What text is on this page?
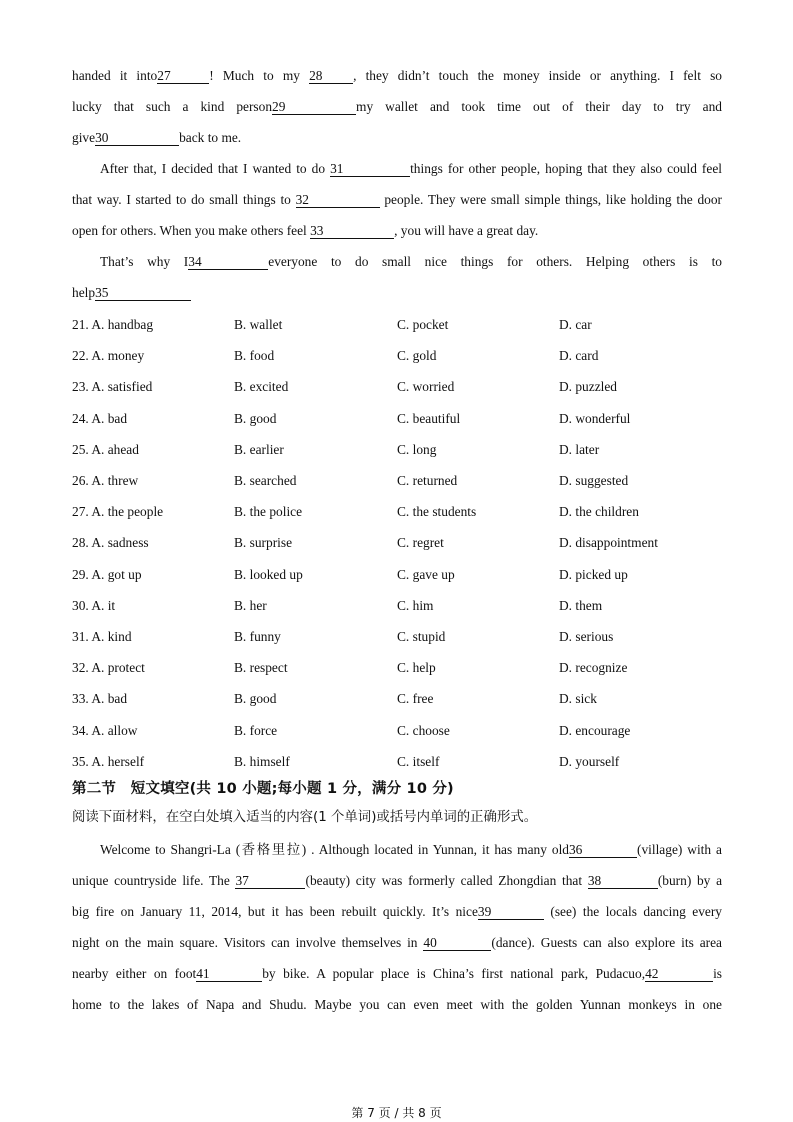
handed it into27	! Much to my 28 , they didn’t touch the money inside or anything. I felt so
lucky that such a kind person29	my wallet and took time out of their day to try and
give30	back to me.
After that, I decided that I wanted to do 31	things for other people, hoping that they also could feel
that way. I started to do small things to 32	people. They were small simple things, like holding the door
open for others. When you make others feel 33	, you will have a great day.
That’s why I34	everyone to do small nice things for others. Helping others is to
help35
21. A. handbag	B. wallet	C. pocket	D. car
22. A. money	B. food	C. gold	D. card
23. A. satisfied	B. excited	C. worried	D. puzzled
24. A. bad	B. good	C. beautiful	D. wonderful
25. A. ahead	B. earlier	C. long	D. later
26. A. threw	B. searched	C. returned	D. suggested
27. A. the people	B. the police	C. the students	D. the children
28. A. sadness	B. surprise	C. regret	D. disappointment
29. A. got up	B. looked up	C. gave up	D. picked up
30. A. it	B. her	C. him	D. them
31. A. kind	B. funny	C. stupid	D. serious
32. A. protect	B. respect	C. help	D. recognize
33. A. bad	B. good	C. free	D. sick
34. A. allow	B. force	C. choose	D. encourage
35. A. herself	B. himself	C. itself	D. yourself
第二节　短文填空(共 10 小题;每小题 1 分，满分 10 分)
阅读下面材料，在空白处填入适当的内容(1 个单词)或括号内单词的正确形式。
Welcome to Shangri-La (香格里拉) . Although located in Yunnan, it has many old36	(village) with a
unique countryside life. The 37	(beauty) city was formerly called Zhongdian that 38	(burn) by a
big fire on January 11, 2014, but it has been rebuilt quickly. It’s nice39	(see) the locals dancing every
night on the main square. Visitors can involve themselves in 40	(dance). Guests can also explore its area
nearby either on foot41	by bike. A popular place is China’s first national park, Pudacuo,42	is
home to the lakes of Napa and Shudu. Maybe you can even meet with the golden Yunnan monkeys in one
第 7 页 / 共 8 页
